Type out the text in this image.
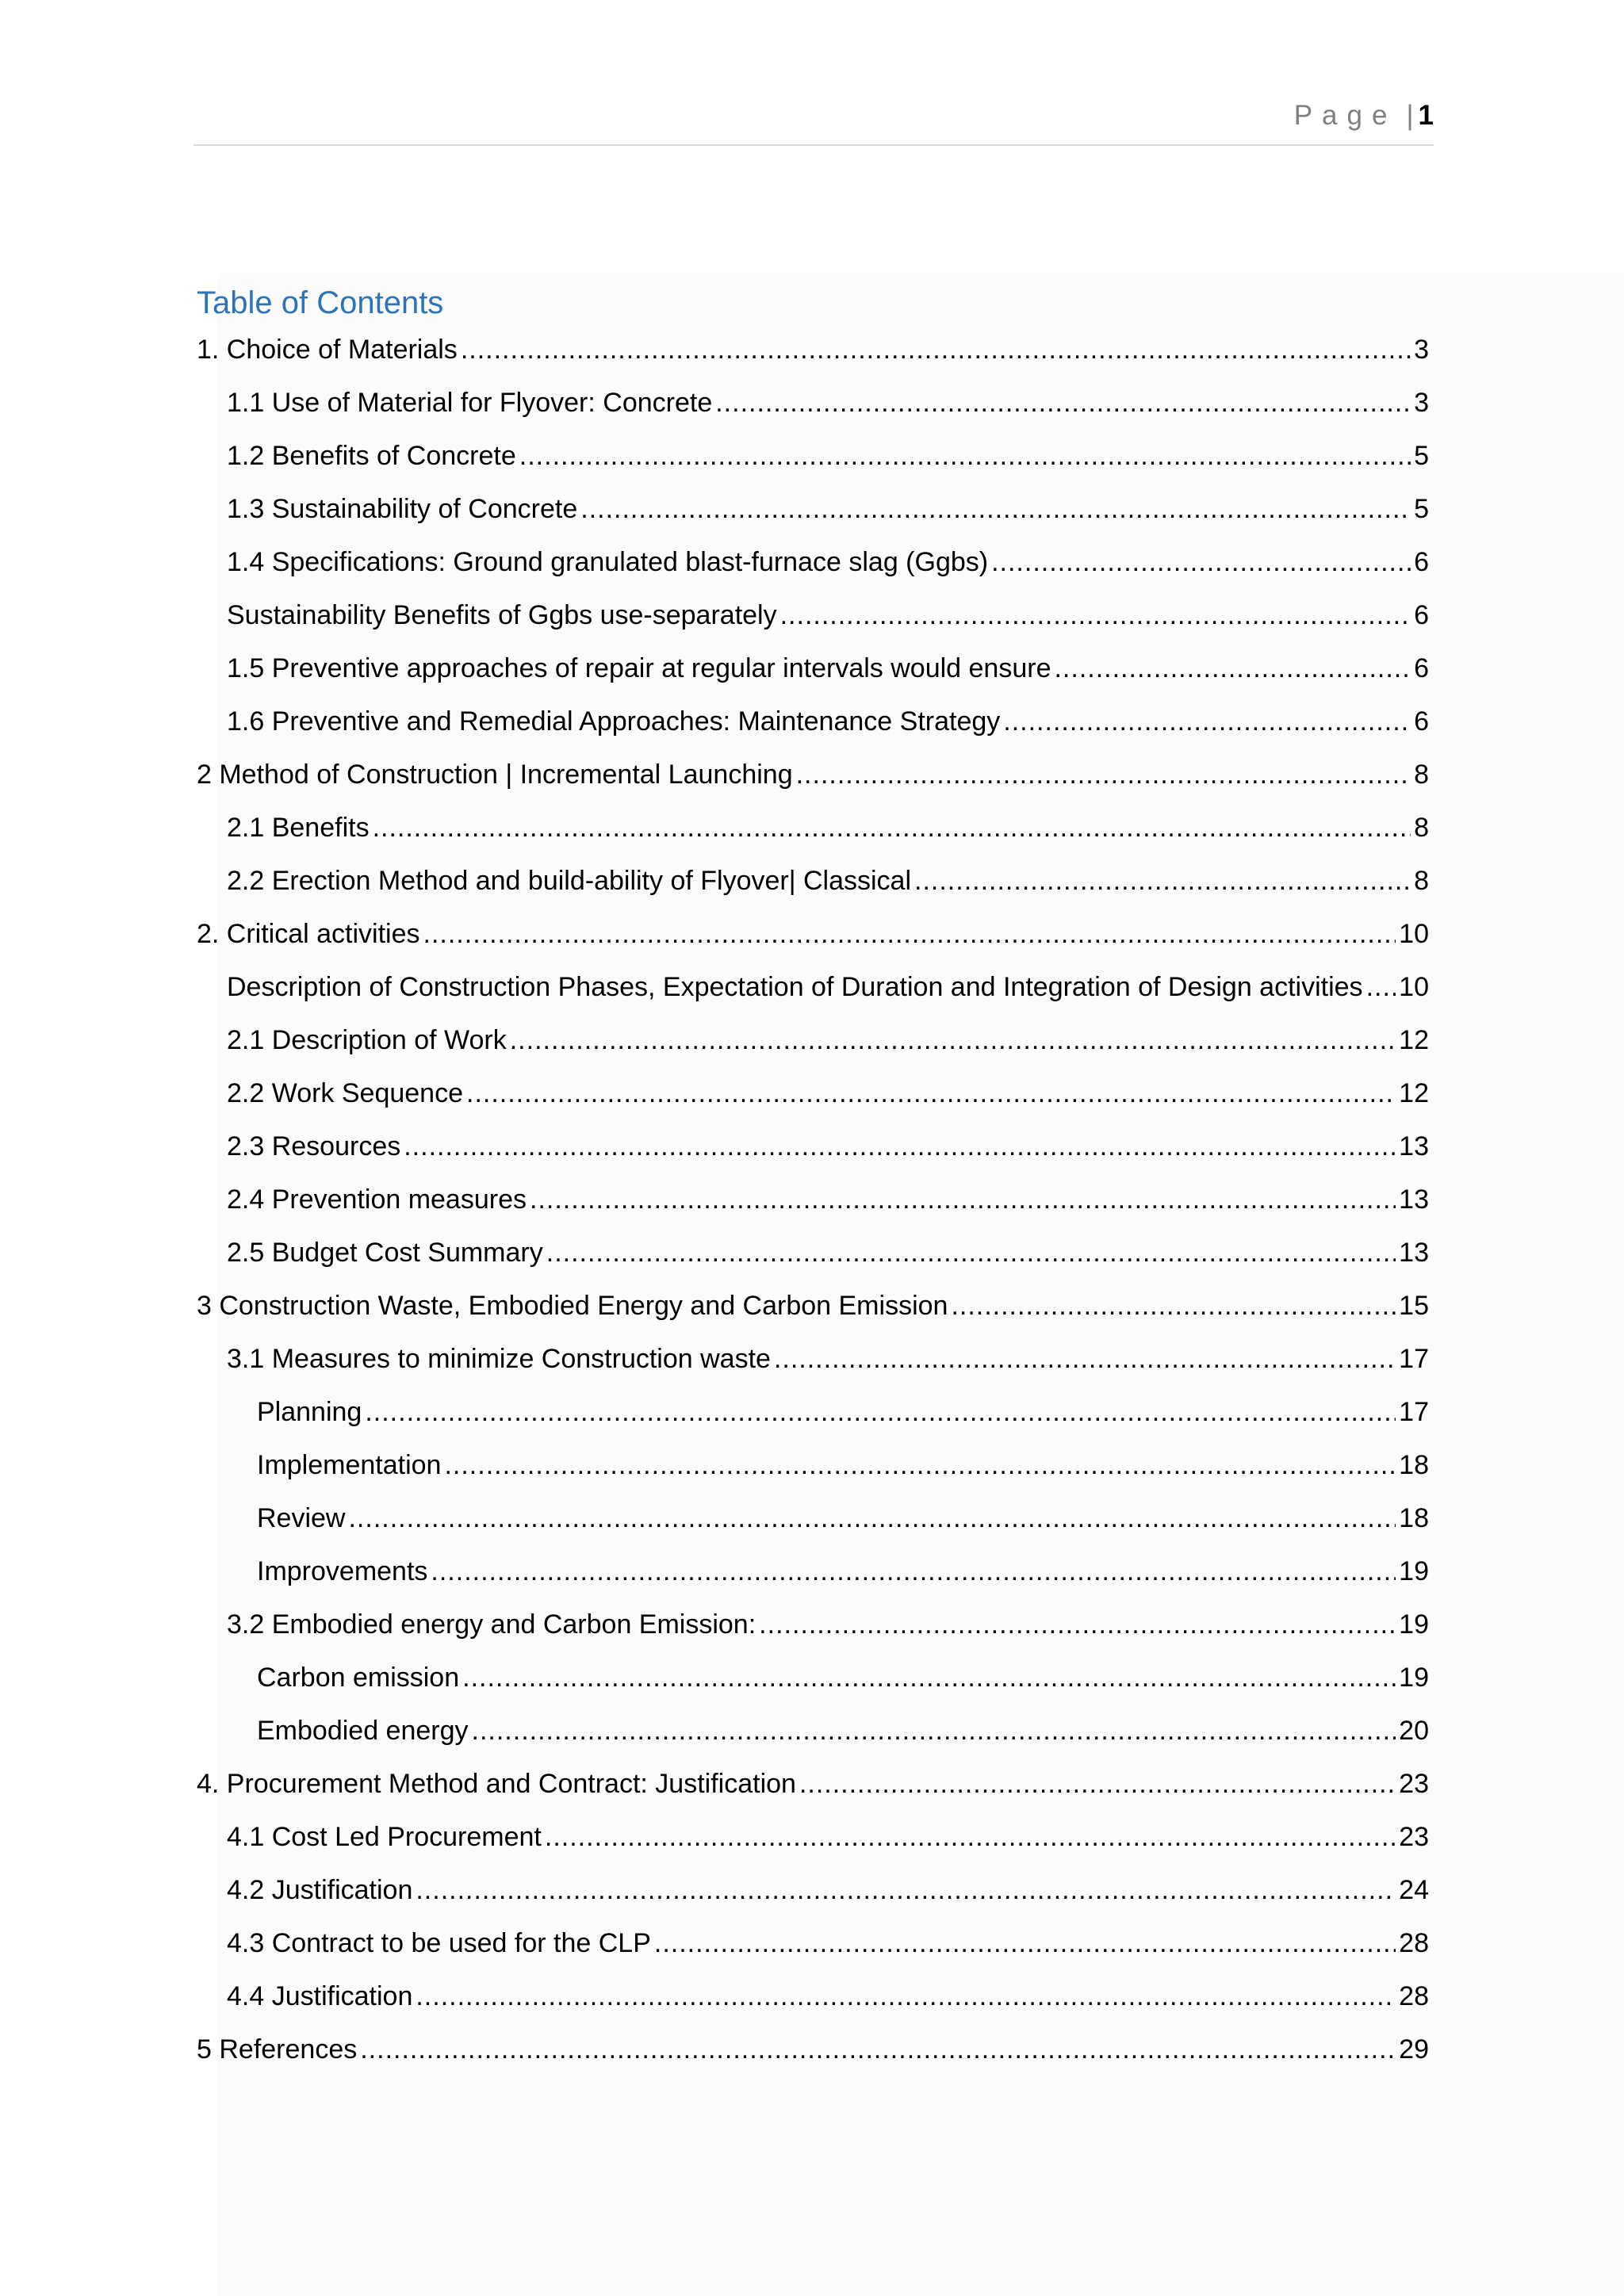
Page | 1
Table of Contents
1. Choice of Materials .....	3
1.1 Use of Material for Flyover: Concrete .....	3
1.2 Benefits of Concrete .....	5
1.3 Sustainability of Concrete .....	5
1.4 Specifications: Ground granulated blast-furnace slag (Ggbs) .....	6
Sustainability Benefits of Ggbs use-separately .....	6
1.5 Preventive approaches of repair at regular intervals would ensure .....	6
1.6 Preventive and Remedial Approaches: Maintenance Strategy .....	6
2 Method of Construction | Incremental Launching .....	8
2.1 Benefits .....	8
2.2 Erection Method and build-ability of Flyover| Classical .....	8
2. Critical activities .....	10
Description of Construction Phases, Expectation of Duration and Integration of Design activities ..... 10
2.1 Description of Work .....	12
2.2 Work Sequence .....	12
2.3 Resources .....	13
2.4 Prevention measures .....	13
2.5 Budget Cost Summary .....	13
3 Construction Waste, Embodied Energy and Carbon Emission .....	15
3.1 Measures to minimize Construction waste .....	17
Planning .....	17
Implementation .....	18
Review .....	18
Improvements .....	19
3.2 Embodied energy and Carbon Emission: .....	19
Carbon emission .....	19
Embodied energy .....	20
4. Procurement Method and Contract: Justification .....	23
4.1 Cost Led Procurement .....	23
4.2 Justification .....	24
4.3 Contract to be used for the CLP .....	28
4.4 Justification .....	28
5 References .....	29
